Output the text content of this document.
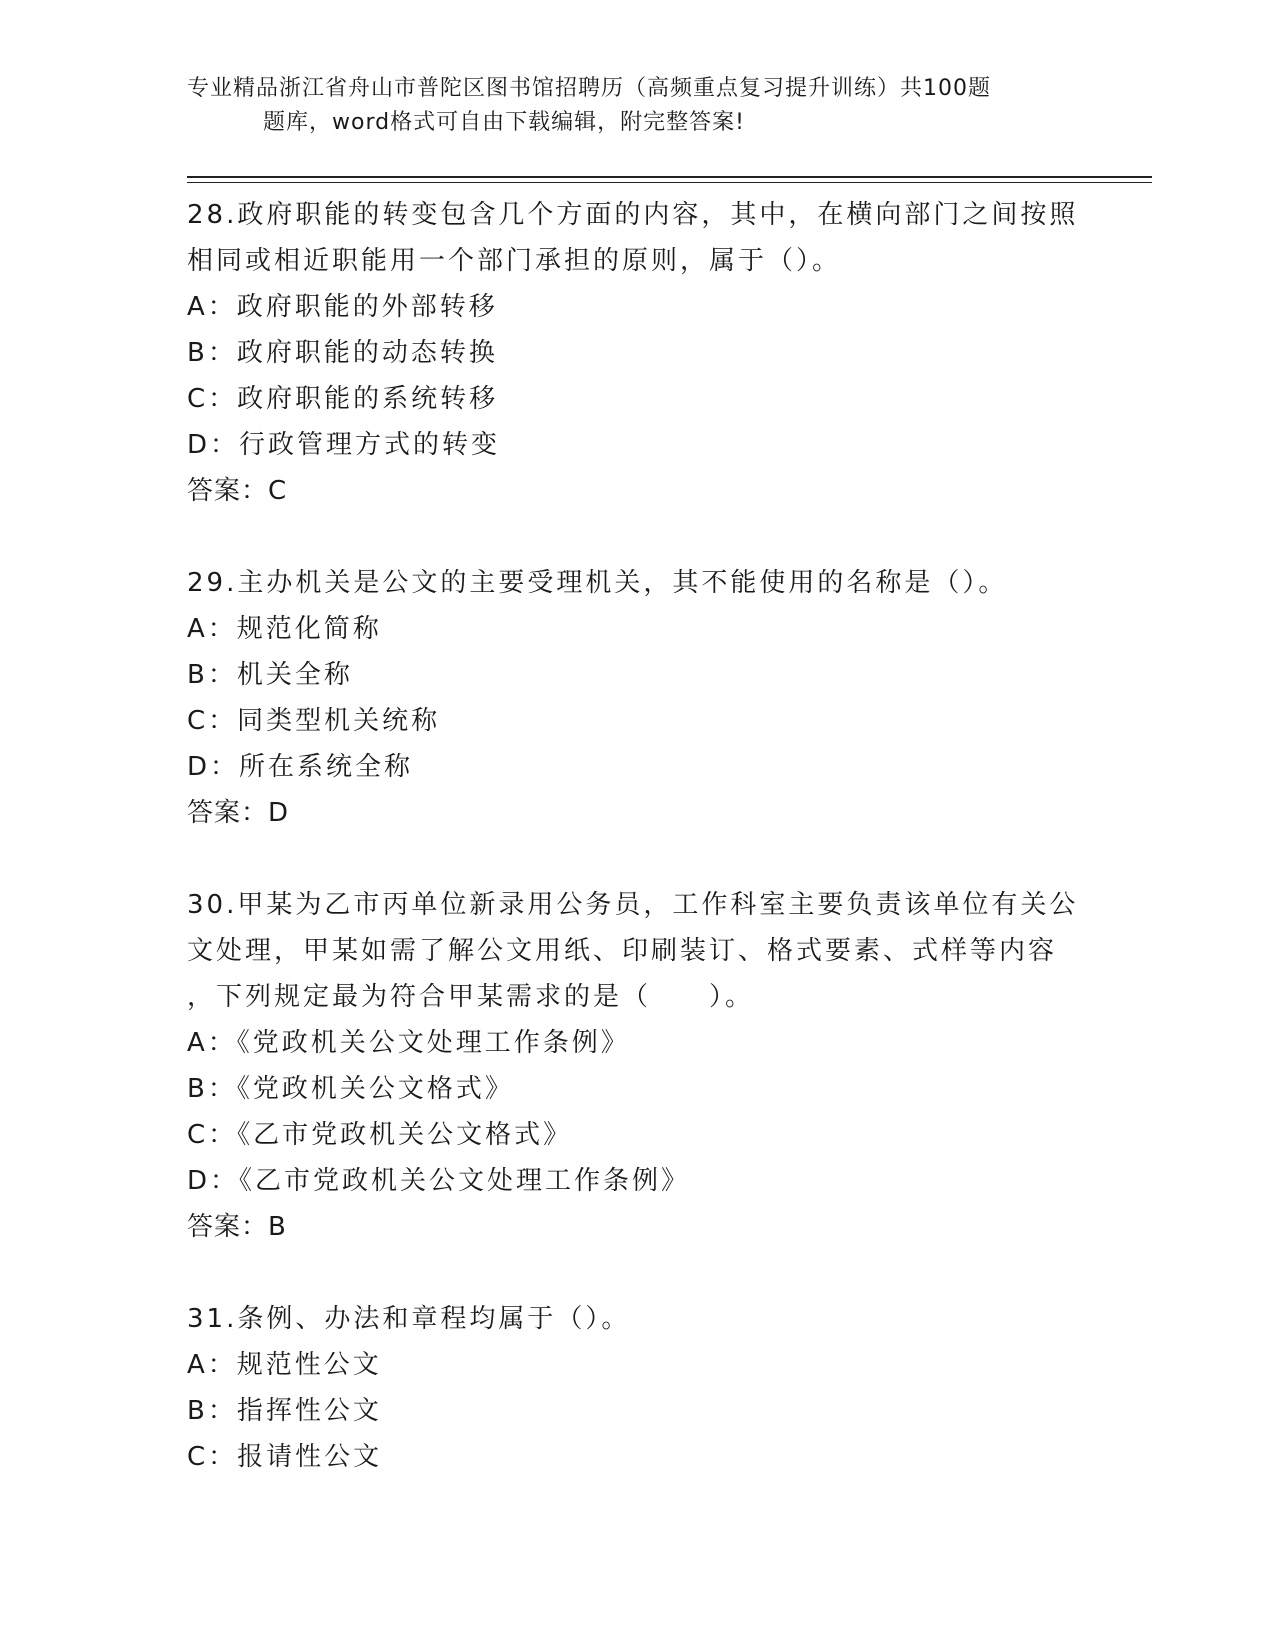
专业精品浙江省舟山市普陀区图书馆招聘历（高频重点复习提升训练）共100题
题库，word格式可自由下载编辑，附完整答案!

28.政府职能的转变包含几个方面的内容，其中，在横向部门之间按照

相同或相近职能用一个部门承担的原则，属于（）。

A：政府职能的外部转移

B：政府职能的动态转换

C：政府职能的系统转移

D：行政管理方式的转变

答案：C

29.主办机关是公文的主要受理机关，其不能使用的名称是（）。

A：规范化简称

B：机关全称

C：同类型机关统称

D：所在系统全称

答案：D

30.甲某为乙市丙单位新录用公务员，工作科室主要负责该单位有关公

文处理，甲某如需了解公文用纸、印刷装订、格式要素、式样等内容

，下列规定最为符合甲某需求的是（　　）。

A：《党政机关公文处理工作条例》

B：《党政机关公文格式》

C：《乙市党政机关公文格式》

D：《乙市党政机关公文处理工作条例》

答案：B

31.条例、办法和章程均属于（）。

A：规范性公文

B：指挥性公文

C：报请性公文
